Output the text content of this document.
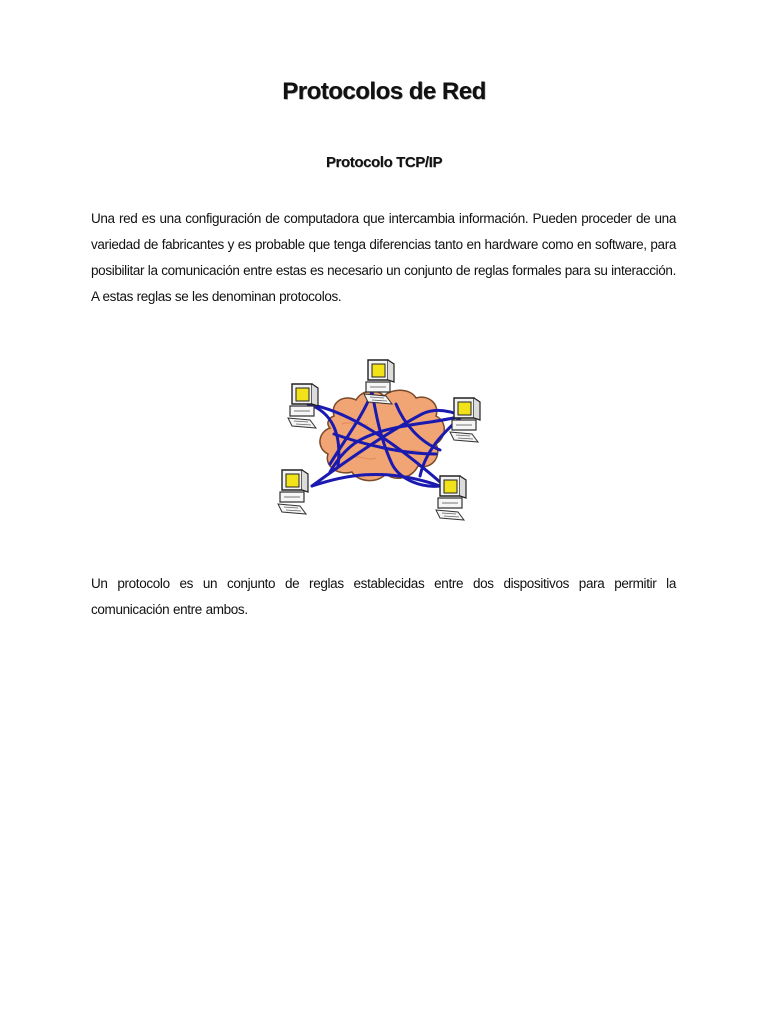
Protocolos de Red
Protocolo TCP/IP

Una red es una configuración de computadora que intercambia información. Pueden proceder de una variedad de fabricantes y es probable que tenga diferencias tanto en hardware como en software, para posibilitar la comunicación entre estas es necesario un conjunto de reglas formales para su interacción. A estas reglas se les denominan protocolos.

Un protocolo es un conjunto de reglas establecidas entre dos dispositivos para permitir la comunicación entre ambos.
